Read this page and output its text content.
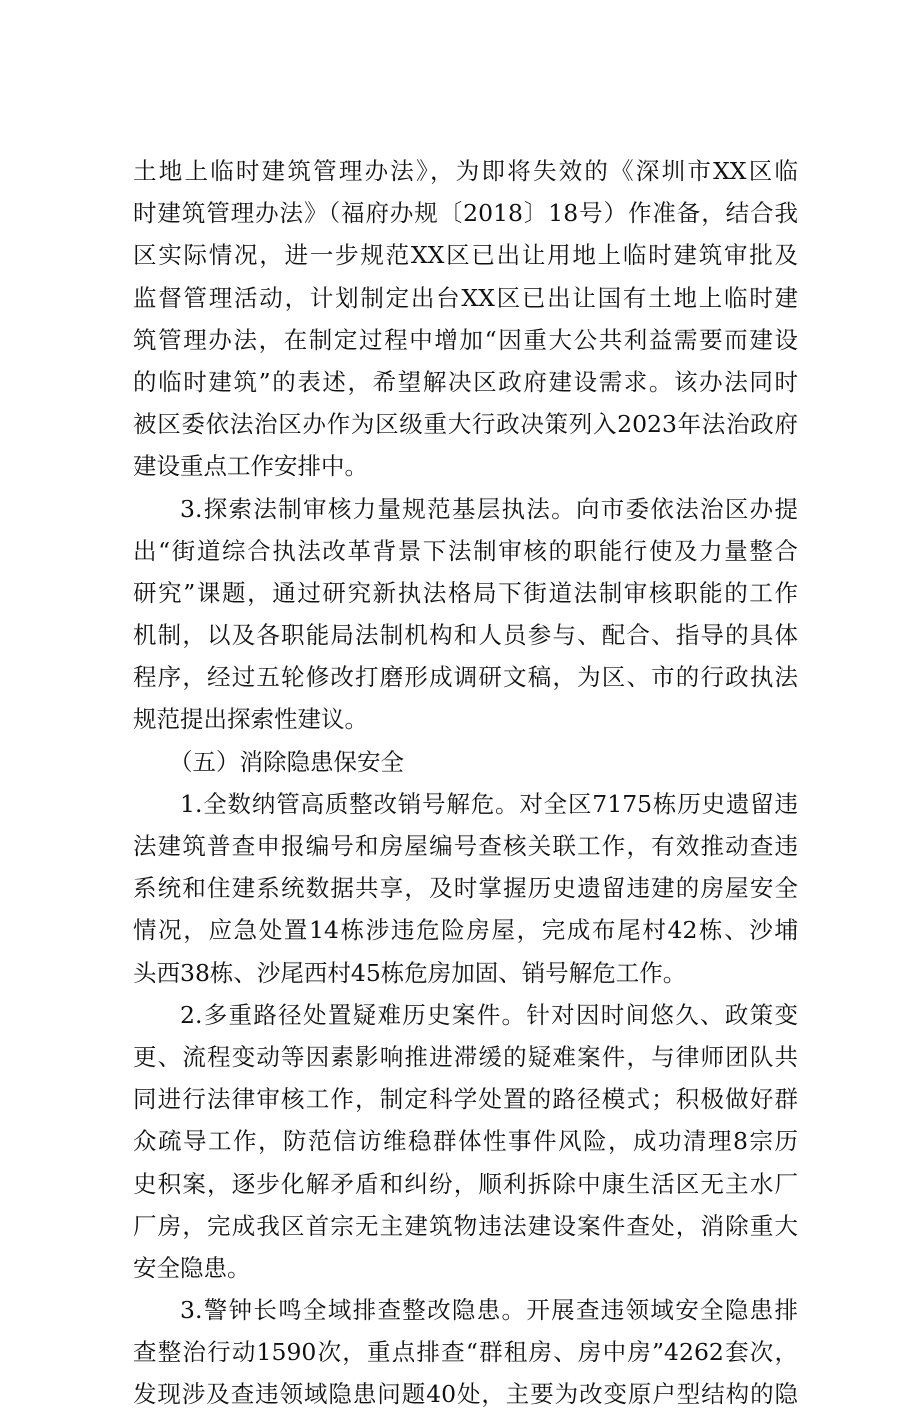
土地上临时建筑管理办法》，为即将失效的《深圳市XX区临
时建筑管理办法》（福府办规〔2018〕18号）作准备，结合我
区实际情况，进一步规范XX区已出让用地上临时建筑审批及
监督管理活动，计划制定出台XX区已出让国有土地上临时建
筑管理办法，在制定过程中增加“因重大公共利益需要而建设
的临时建筑”的表述，希望解决区政府建设需求。该办法同时
被区委依法治区办作为区级重大行政决策列入2023年法治政府
建设重点工作安排中。
3.探索法制审核力量规范基层执法。向市委依法治区办提
出“街道综合执法改革背景下法制审核的职能行使及力量整合
研究”课题，通过研究新执法格局下街道法制审核职能的工作
机制，以及各职能局法制机构和人员参与、配合、指导的具体
程序，经过五轮修改打磨形成调研文稿，为区、市的行政执法
规范提出探索性建议。
（五）消除隐患保安全
1.全数纳管高质整改销号解危。对全区7175栋历史遗留违
法建筑普查申报编号和房屋编号查核关联工作，有效推动查违
系统和住建系统数据共享，及时掌握历史遗留违建的房屋安全
情况，应急处置14栋涉违危险房屋，完成布尾村42栋、沙埔
头西38栋、沙尾西村45栋危房加固、销号解危工作。
2.多重路径处置疑难历史案件。针对因时间悠久、政策变
更、流程变动等因素影响推进滞缓的疑难案件，与律师团队共
同进行法律审核工作，制定科学处置的路径模式；积极做好群
众疏导工作，防范信访维稳群体性事件风险，成功清理8宗历
史积案，逐步化解矛盾和纠纷，顺利拆除中康生活区无主水厂
厂房，完成我区首宗无主建筑物违法建设案件查处，消除重大
安全隐患。
3.警钟长鸣全域排查整改隐患。开展查违领域安全隐患排
查整治行动1590次，重点排查“群租房、房中房”4262套次，
发现涉及查违领域隐患问题40处，主要为改变原户型结构的隐
